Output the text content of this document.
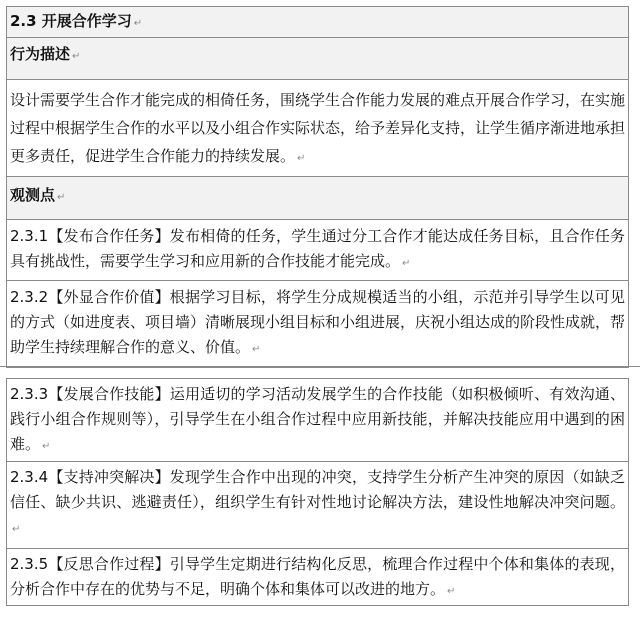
2.3 开展合作学习 ↵
行为描述 ↵
设计需要学生合作才能完成的相倚任务，围绕学生合作能力发展的难点开展合作学习，在实施过程中根据学生合作的水平以及小组合作实际状态，给予差异化支持，让学生循序渐进地承担更多责任，促进学生合作能力的持续发展。 ↵
观测点 ↵
2.3.1【发布合作任务】发布相倚的任务，学生通过分工合作才能达成任务目标，且合作任务具有挑战性，需要学生学习和应用新的合作技能才能完成。 ↵
2.3.2【外显合作价值】根据学习目标，将学生分成规模适当的小组，示范并引导学生以可见的方式（如进度表、项目墙）清晰展现小组目标和小组进展，庆祝小组达成的阶段性成就，帮助学生持续理解合作的意义、价值。 ↵
2.3.3【发展合作技能】运用适切的学习活动发展学生的合作技能（如积极倾听、有效沟通、践行小组合作规则等），引导学生在小组合作过程中应用新技能，并解决技能应用中遇到的困难。 ↵
2.3.4【支持冲突解决】发现学生合作中出现的冲突，支持学生分析产生冲突的原因（如缺乏信任、缺少共识、逃避责任），组织学生有针对性地讨论解决方法，建设性地解决冲突问题。↵
2.3.5【反思合作过程】引导学生定期进行结构化反思，梳理合作过程中个体和集体的表现，分析合作中存在的优势与不足，明确个体和集体可以改进的地方。 ↵
